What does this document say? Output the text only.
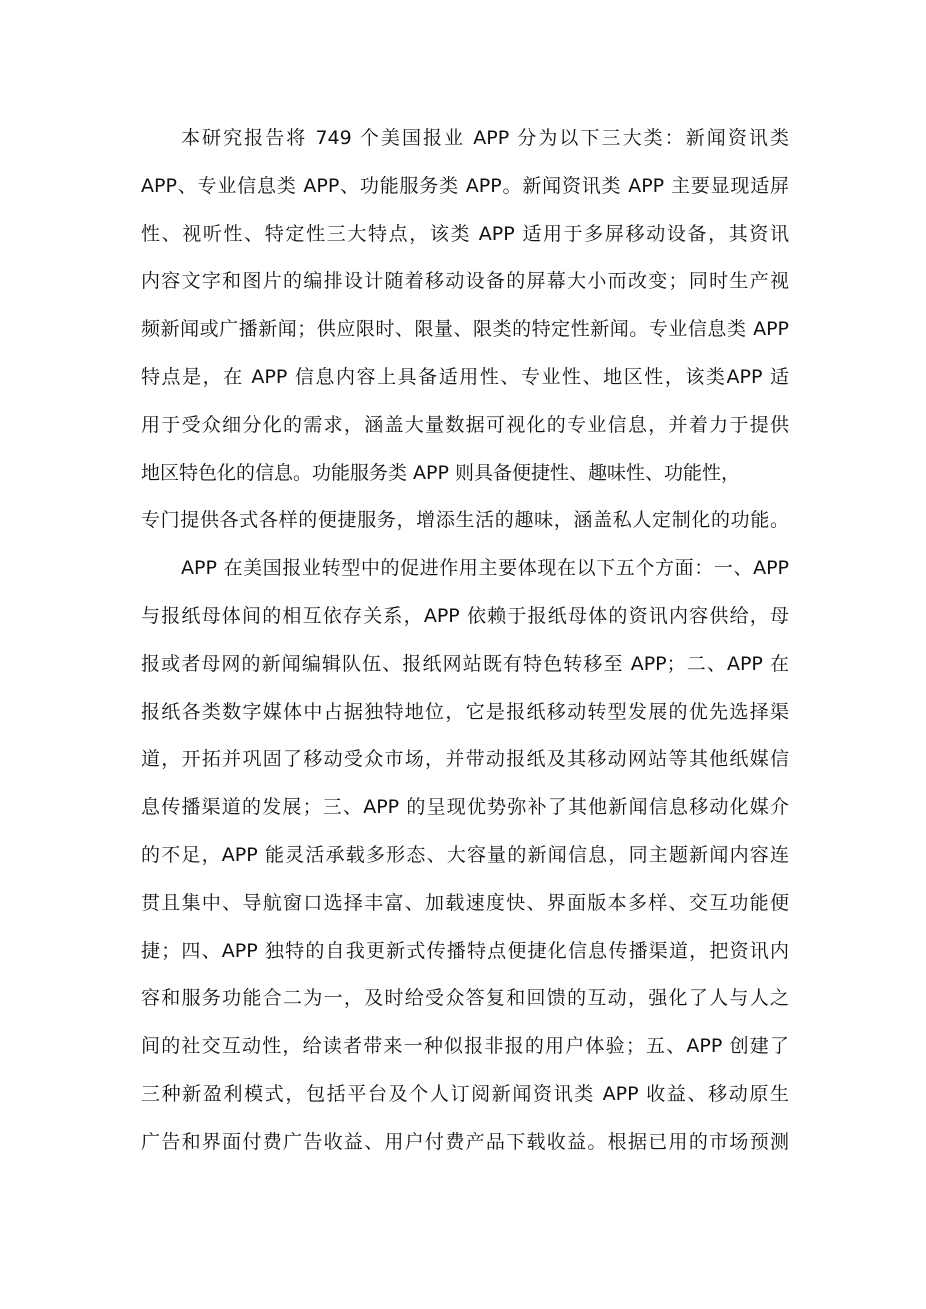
本研究报告将 749 个美国报业 APP 分为以下三大类：新闻资讯类
APP、专业信息类 APP、功能服务类 APP。新闻资讯类 APP 主要显现适屏
性、视听性、特定性三大特点，该类 APP 适用于多屏移动设备，其资讯
内容文字和图片的编排设计随着移动设备的屏幕大小而改变；同时生产视
频新闻或广播新闻；供应限时、限量、限类的特定性新闻。专业信息类 APP
特点是，在 APP 信息内容上具备适用性、专业性、地区性，该类APP 适
用于受众细分化的需求，涵盖大量数据可视化的专业信息，并着力于提供
地区特色化的信息。功能服务类 APP 则具备便捷性、趣味性、功能性，
专门提供各式各样的便捷服务，增添生活的趣味，涵盖私人定制化的功能。
APP 在美国报业转型中的促进作用主要体现在以下五个方面：一、APP
与报纸母体间的相互依存关系，APP 依赖于报纸母体的资讯内容供给，母
报或者母网的新闻编辑队伍、报纸网站既有特色转移至 APP；二、APP 在
报纸各类数字媒体中占据独特地位，它是报纸移动转型发展的优先选择渠
道，开拓并巩固了移动受众市场，并带动报纸及其移动网站等其他纸媒信
息传播渠道的发展；三、APP 的呈现优势弥补了其他新闻信息移动化媒介
的不足，APP 能灵活承载多形态、大容量的新闻信息，同主题新闻内容连
贯且集中、导航窗口选择丰富、加载速度快、界面版本多样、交互功能便
捷；四、APP 独特的自我更新式传播特点便捷化信息传播渠道，把资讯内
容和服务功能合二为一，及时给受众答复和回馈的互动，强化了人与人之
间的社交互动性，给读者带来一种似报非报的用户体验；五、APP 创建了
三种新盈利模式，包括平台及个人订阅新闻资讯类 APP 收益、移动原生
广告和界面付费广告收益、用户付费产品下载收益。根据已用的市场预测
